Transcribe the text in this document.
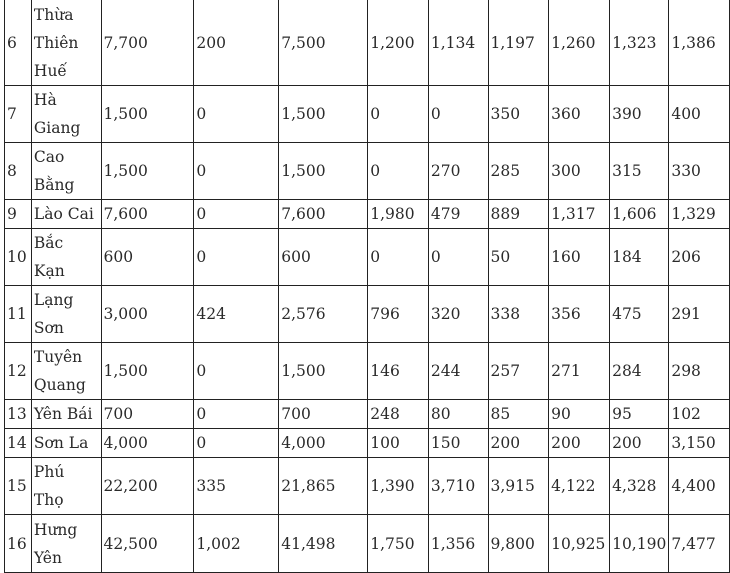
6	Thừa Thiên Huế	7,700	200	7,500	1,200	1,134	1,197	1,260	1,323	1,386
7	Hà Giang	1,500	0	1,500	0	0	350	360	390	400
8	Cao Bằng	1,500	0	1,500	0	270	285	300	315	330
9	Lào Cai	7,600	0	7,600	1,980	479	889	1,317	1,606	1,329
10	Bắc Kạn	600	0	600	0	0	50	160	184	206
11	Lạng Sơn	3,000	424	2,576	796	320	338	356	475	291
12	Tuyên Quang	1,500	0	1,500	146	244	257	271	284	298
13	Yên Bái	700	0	700	248	80	85	90	95	102
14	Sơn La	4,000	0	4,000	100	150	200	200	200	3,150
15	Phú Thọ	22,200	335	21,865	1,390	3,710	3,915	4,122	4,328	4,400
16	Hưng Yên	42,500	1,002	41,498	1,750	1,356	9,800	10,925	10,190	7,477
